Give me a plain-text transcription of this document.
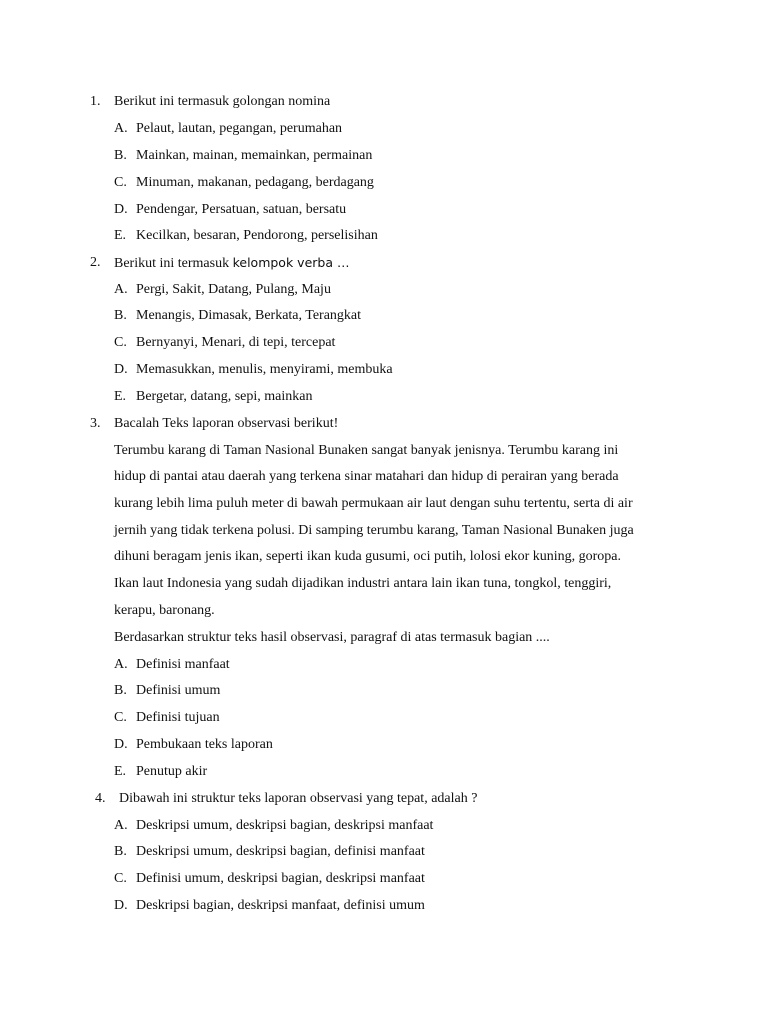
1. Berikut ini termasuk golongan nomina
A. Pelaut, lautan, pegangan, perumahan
B. Mainkan, mainan, memainkan, permainan
C. Minuman, makanan, pedagang, berdagang
D. Pendengar, Persatuan, satuan, bersatu
E. Kecilkan, besaran, Pendorong, perselisihan
2. Berikut ini termasuk kelompok verba …
A. Pergi, Sakit, Datang, Pulang, Maju
B. Menangis, Dimasak, Berkata, Terangkat
C. Bernyanyi, Menari, di tepi, tercepat
D. Memasukkan, menulis, menyirami, membuka
E. Bergetar, datang, sepi, mainkan
3. Bacalah Teks laporan observasi berikut!
Terumbu karang di Taman Nasional Bunaken sangat banyak jenisnya. Terumbu karang ini
hidup di pantai atau daerah yang terkena sinar matahari dan hidup di perairan yang berada
kurang lebih lima puluh meter di bawah permukaan air laut dengan suhu tertentu, serta di air
jernih yang tidak terkena polusi. Di samping terumbu karang, Taman Nasional Bunaken juga
dihuni beragam jenis ikan, seperti ikan kuda gusumi, oci putih, lolosi ekor kuning, goropa.
Ikan laut Indonesia yang sudah dijadikan industri antara lain ikan tuna, tongkol, tenggiri,
kerapu, baronang.
Berdasarkan struktur teks hasil observasi, paragraf di atas termasuk bagian ....
A. Definisi manfaat
B. Definisi umum
C. Definisi tujuan
D. Pembukaan teks laporan
E. Penutup akir
4. Dibawah ini struktur teks laporan observasi yang tepat, adalah ?
A. Deskripsi umum, deskripsi bagian, deskripsi manfaat
B. Deskripsi umum, deskripsi bagian, definisi manfaat
C. Definisi umum, deskripsi bagian, deskripsi manfaat
D. Deskripsi bagian, deskripsi manfaat, definisi umum
